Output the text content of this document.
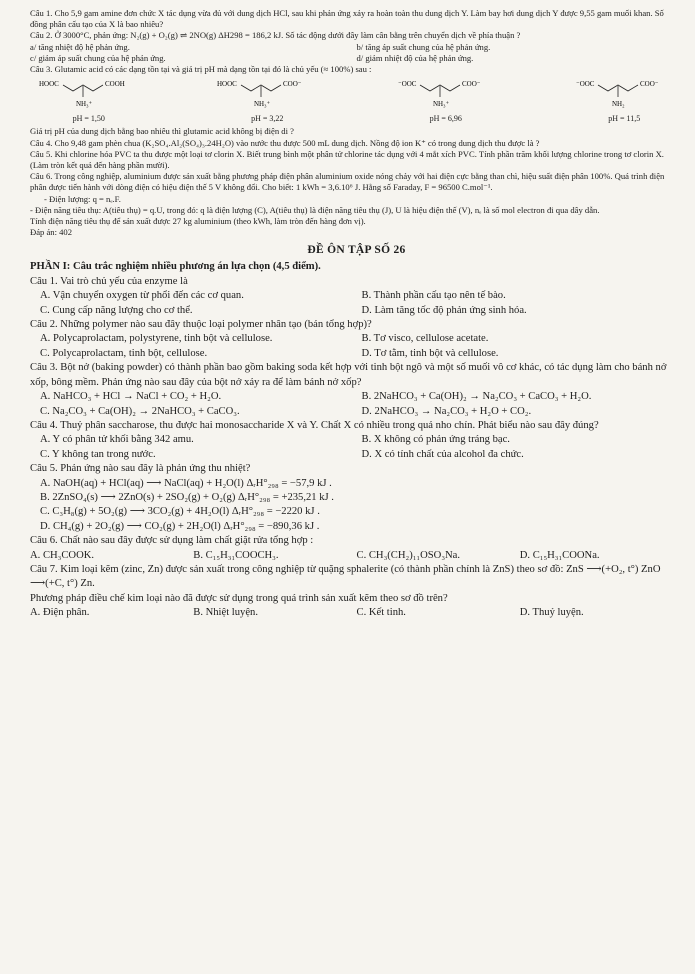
Câu 1. Cho 5,9 gam amine đơn chức X tác dụng vừa đủ với dung dịch HCl, sau khi phản ứng xảy ra hoàn toàn thu dung dịch Y. Làm bay hơi dung dịch Y được 9,55 gam muối khan. Số đồng phân cấu tạo của X là bao nhiêu?

Câu 2. Ở 3000°C, phản ứng: N₂(g) + O₂(g) ⇌ 2NO(g) ΔH298 = 186,2 kJ. Số tác động dưới đây làm cân bằng trên chuyển dịch về phía thuận ?

a/ tăng nhiệt độ hệ phản ứng.	b/ tăng áp suất chung của hệ phản ứng.
c/ giảm áp suất chung của hệ phản ứng.	d/ giảm nhiệt độ của hệ phản ứng.

Câu 3. Glutamic acid có các dạng tồn tại và giá trị pH mà dạng tồn tại đó là chủ yếu (≈ 100%) sau :

HOOC	COOH
NH₃⁺
pH = 1,50
HOOC	COO⁻
NH₃⁺
pH = 3,22
⁻OOC	COO⁻
NH₃⁺
pH = 6,96
⁻OOC	COO⁻
NH₂
pH = 11,5

Giá trị pH của dung dịch bằng bao nhiêu thì glutamic acid không bị điện di ?

Câu 4. Cho 9,48 gam phèn chua (K₂SO₄.Al₂(SO₄)₃.24H₂O) vào nước thu được 500 mL dung dịch. Nồng độ ion K⁺ có trong dung dịch thu được là ?

Câu 5. Khi chlorine hóa PVC ta thu được một loại tơ clorin X. Biết trung bình một phân tử chlorine tác dụng với 4 mắt xích PVC. Tính phần trăm khối lượng chlorine trong tơ clorin X. (Làm tròn kết quả đến hàng phần mười).

Câu 6. Trong công nghiệp, aluminium được sản xuất bằng phương pháp điện phân aluminium oxide nóng chảy với hai điện cực bằng than chì, hiệu suất điện phân 100%. Quá trình điện phân được tiến hành với dòng điện có hiệu điện thế 5 V không đổi. Cho biết: 1 kWh = 3,6.10⁶ J. Hằng số Faraday, F = 96500 C.mol⁻¹.

- Điện lượng: q = nₑ.F.

- Điện năng tiêu thụ: A(tiêu thụ) = q.U, trong đó: q là điện lượng (C), A(tiêu thụ) là điện năng tiêu thụ (J), U là hiệu điện thế (V), nₑ là số mol electron đi qua dây dẫn.

Tính điện năng tiêu thụ để sản xuất được 27 kg aluminium (theo kWh, làm tròn đến hàng đơn vị).

Đáp án: 402

ĐỀ ÔN TẬP SỐ 26

PHẦN I: Câu trắc nghiệm nhiều phương án lựa chọn (4,5 điểm).

Câu 1. Vai trò chủ yếu của enzyme là

A. Vận chuyển oxygen từ phổi đến các cơ quan.	B. Thành phần cấu tạo nên tế bào.
C. Cung cấp năng lượng cho cơ thể.	D. Làm tăng tốc độ phản ứng sinh hóa.

Câu 2. Những polymer nào sau đây thuộc loại polymer nhân tạo (bán tổng hợp)?

A. Polycaprolactam, polystyrene, tinh bột và cellulose.	B. Tơ visco, cellulose acetate.
C. Polycaprolactam, tinh bột, cellulose.	D. Tơ tằm, tinh bột và cellulose.

Câu 3. Bột nở (baking powder) có thành phần bao gồm baking soda kết hợp với tinh bột ngô và một số muối vô cơ khác, có tác dụng làm cho bánh nở xốp, bông mềm. Phản ứng nào sau đây của bột nở xảy ra để làm bánh nở xốp?

A. NaHCO₃ + HCl → NaCl + CO₂ + H₂O.	B. 2NaHCO₃ + Ca(OH)₂ → Na₂CO₃ + CaCO₃ + H₂O.
C. Na₂CO₃ + Ca(OH)₂ → 2NaHCO₃ + CaCO₃.	D. 2NaHCO₃ → Na₂CO₃ + H₂O + CO₂.

Câu 4. Thuỷ phân saccharose, thu được hai monosaccharide X và Y. Chất X có nhiều trong quả nho chín. Phát biểu nào sau đây đúng?

A. Y có phân tử khối bằng 342 amu.	B. X không có phản ứng tráng bạc.
C. Y không tan trong nước.	D. X có tính chất của alcohol đa chức.

Câu 5. Phản ứng nào sau đây là phản ứng thu nhiệt?

A. NaOH(aq) + HCl(aq) ⟶ NaCl(aq) + H₂O(l) ΔᵣH°₂₉₈ = −57,9 kJ .

B. 2ZnSO₄(s) ⟶ 2ZnO(s) + 2SO₂(g) + O₂(g) ΔᵣH°₂₉₈ = +235,21 kJ .

C. C₃H₈(g) + 5O₂(g) ⟶ 3CO₂(g) + 4H₂O(l) ΔᵣH°₂₉₈ = −2220 kJ .

D. CH₄(g) + 2O₂(g) ⟶ CO₂(g) + 2H₂O(l) ΔᵣH°₂₉₈ = −890,36 kJ .

Câu 6. Chất nào sau đây được sử dụng làm chất giặt rửa tổng hợp :

A. CH₃COOK.	B. C₁₅H₃₁COOCH₃.	C. CH₃(CH₂)₁₁OSO₃Na.	D. C₁₅H₃₁COONa.

Câu 7. Kim loại kẽm (zinc, Zn) được sản xuất trong công nghiệp từ quặng sphalerite (có thành phần chính là ZnS) theo sơ đồ: ZnS ⟶(+O₂, t°) ZnO ⟶(+C, t°) Zn.

Phương pháp điều chế kim loại nào đã được sử dụng trong quá trình sản xuất kẽm theo sơ đồ trên?

A. Điện phân.	B. Nhiệt luyện.	C. Kết tinh.	D. Thuỷ luyện.
